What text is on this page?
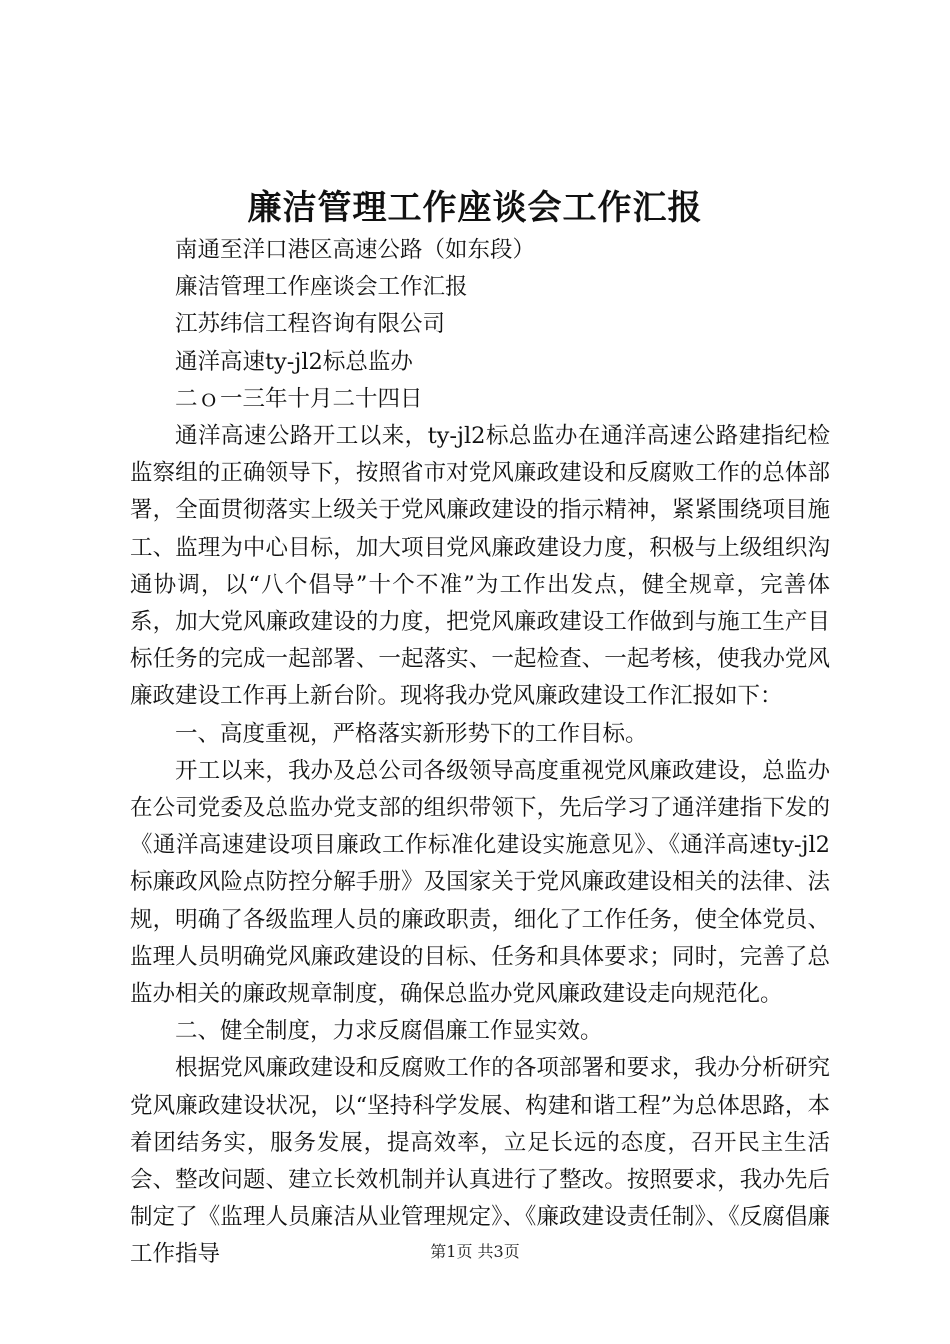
廉洁管理工作座谈会工作汇报

南通至洋口港区高速公路（如东段）

廉洁管理工作座谈会工作汇报

江苏纬信工程咨询有限公司

通洋高速ty-jl2标总监办

二ｏ一三年十月二十四日

通洋高速公路开工以来，ty-jl2标总监办在通洋高速公路建指纪检监察组的正确领导下，按照省市对党风廉政建设和反腐败工作的总体部署，全面贯彻落实上级关于党风廉政建设的指示精神，紧紧围绕项目施工、监理为中心目标，加大项目党风廉政建设力度，积极与上级组织沟通协调，以“八个倡导”十个不准”为工作出发点，健全规章，完善体系，加大党风廉政建设的力度，把党风廉政建设工作做到与施工生产目标任务的完成一起部署、一起落实、一起检查、一起考核，使我办党风廉政建设工作再上新台阶。现将我办党风廉政建设工作汇报如下：

一、高度重视，严格落实新形势下的工作目标。

开工以来，我办及总公司各级领导高度重视党风廉政建设，总监办在公司党委及总监办党支部的组织带领下，先后学习了通洋建指下发的《通洋高速建设项目廉政工作标准化建设实施意见》、《通洋高速ty-jl2标廉政风险点防控分解手册》及国家关于党风廉政建设相关的法律、法规，明确了各级监理人员的廉政职责，细化了工作任务，使全体党员、监理人员明确党风廉政建设的目标、任务和具体要求；同时，完善了总监办相关的廉政规章制度，确保总监办党风廉政建设走向规范化。

二、健全制度，力求反腐倡廉工作显实效。

根据党风廉政建设和反腐败工作的各项部署和要求，我办分析研究党风廉政建设状况，以“坚持科学发展、构建和谐工程”为总体思路，本着团结务实，服务发展，提高效率，立足长远的态度，召开民主生活会、整改问题、建立长效机制并认真进行了整改。按照要求，我办先后制定了《监理人员廉洁从业管理规定》、《廉政建设责任制》、《反腐倡廉工作指导	第1页 共3页
